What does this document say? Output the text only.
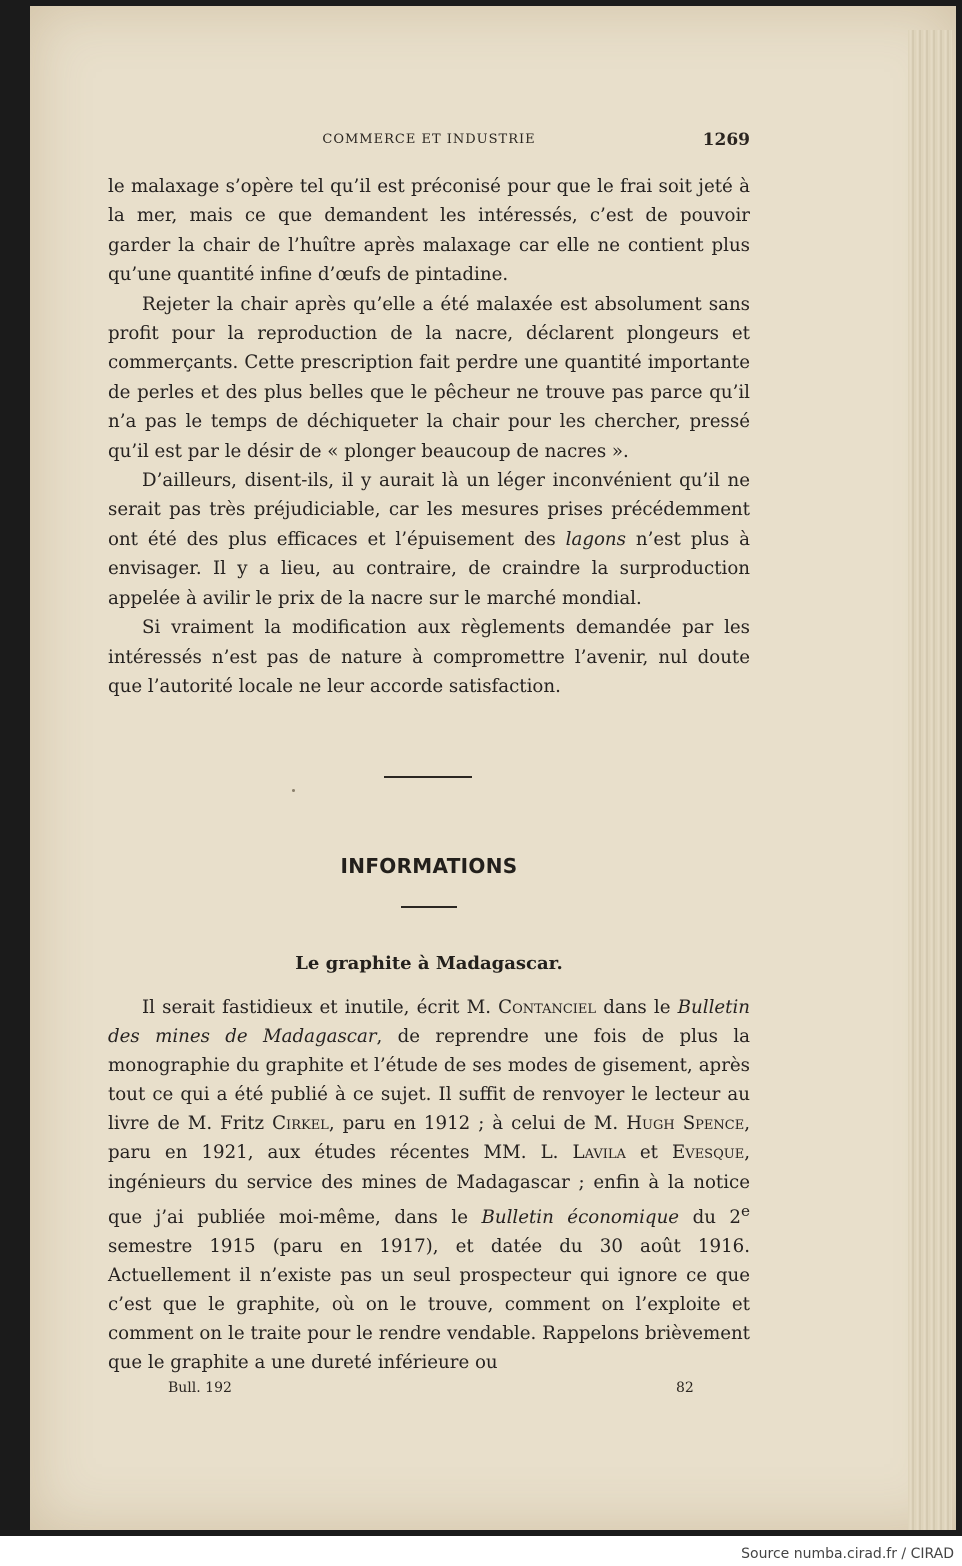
COMMERCE ET INDUSTRIE	1269

le malaxage s’opère tel qu’il est préconisé pour que le frai soit jeté à la mer, mais ce que demandent les intéressés, c’est de pouvoir garder la chair de l’huître après malaxage car elle ne contient plus qu’une quantité infine d’œufs de pintadine.

Rejeter la chair après qu’elle a été malaxée est absolument sans profit pour la reproduction de la nacre, déclarent plongeurs et commerçants. Cette prescription fait perdre une quantité importante de perles et des plus belles que le pêcheur ne trouve pas parce qu’il n’a pas le temps de déchiqueter la chair pour les chercher, pressé qu’il est par le désir de « plonger beaucoup de nacres ».

D’ailleurs, disent-ils, il y aurait là un léger inconvénient qu’il ne serait pas très préjudiciable, car les mesures prises précédemment ont été des plus efficaces et l’épuisement des lagons n’est plus à envisager. Il y a lieu, au contraire, de craindre la surproduction appelée à avilir le prix de la nacre sur le marché mondial.

Si vraiment la modification aux règlements demandée par les intéressés n’est pas de nature à compromettre l’avenir, nul doute que l’autorité locale ne leur accorde satisfaction.

INFORMATIONS
Le graphite à Madagascar.

Il serait fastidieux et inutile, écrit M. Contanciel dans le Bulletin des mines de Madagascar, de reprendre une fois de plus la monographie du graphite et l’étude de ses modes de gisement, après tout ce qui a été publié à ce sujet. Il suffit de renvoyer le lecteur au livre de M. Fritz Cirkel, paru en 1912 ; à celui de M. Hugh Spence, paru en 1921, aux études récentes MM. L. Lavila et Evesque, ingénieurs du service des mines de Madagascar ; enfin à la notice que j’ai publiée moi-même, dans le Bulletin économique du 2e semestre 1915 (paru en 1917), et datée du 30 août 1916. Actuellement il n’existe pas un seul prospecteur qui ignore ce que c’est que le graphite, où on le trouve, comment on l’exploite et comment on le traite pour le rendre vendable. Rappelons brièvement que le graphite a une dureté inférieure ou

Bull. 192	82
Source numba.cirad.fr / CIRAD
